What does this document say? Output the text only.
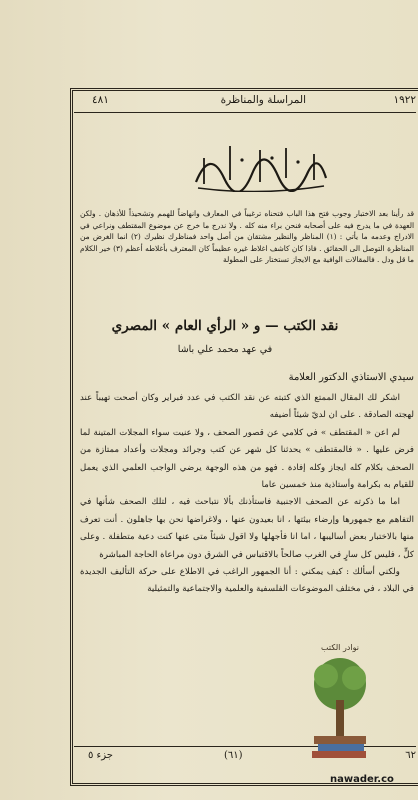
١٩٢٢
المراسلة والمناظرة
٤٨١
باب المراسلة والمناظرة

قد رأينا بعد الاختبار وجوب فتح هذا الباب فتحناه ترغيباً في المعارف وانهاضاً للهمم وتشحيذاً للأذهان . ولكن العهدة في ما يدرج فيه على أصحابه فنحن براء منه كله . ولا ندرج ما خرج عن موضوع المقتطف ونراعي في الادراج وعدمه ما يأتي : (١) المناظر والنظير مشتقان من أصل واحد فمناظرك نظيرك (٢) انما الغرض من المناظرة التوصل الى الحقائق . فاذا كان كاشف اغلاط غيره عظيماً كان المعترف بأغلاطه أعظم (٣) خير الكلام ما قل ودل . فالمقالات الوافية مع الايجاز تستختار على المطولة

نقد الكتب — و « الرأي العام » المصري

في عهد محمد علي باشا

سيدي الاستاذي الدكتور العلامة

اشكر لك المقال الممتع الذي كتبته عن نقد الكتب في عدد فبراير وكان أصحت تهيباً عند لهجته الصادقة . على ان لديّ شيئاً أضيفه

لم اعن « المقتطف » في كلامي عن قصور الصحف ، ولا عنيت سواء المجلات المتينة لما فرض عليها . « فالمقتطف » يحدثنا كل شهر عن كتب وجرائد ومجلات وأعداد ممتازة من الصحف بكلام كله ايجاز وكله إفادة . فهو من هذه الوجهة يرضي الواجب العلمي الذي يعمل للقيام به بكرامة وأستاذية منذ خمسين عاما

اما ما ذكرته عن الصحف الاجنبية فاستأذنك بألا نتباحث فيه ، لتلك الصحف شأنها في التفاهم مع جمهورها وإرضاء بيئتها ، انا بعيدون عنها ، ولاغراضها نحن بها جاهلون . أنت تعرف منها بالاختبار بعض أساليبها ، اما انا فأجهلها ولا اقول شيئاً متى عنها كنت دعية متطفلة . وعلى كلٍّ ، فليس كل سارٍ في الغرب صالحاً بالاقتباس في الشرق دون مراعاة الحاجة المباشرة

ولكني أسألك : كيف يمكني : أنا الجمهور الراغب في الاطلاع على حركة التأليف الجديدة في البلاد ، في مختلف الموضوعات الفلسفية والعلمية والاجتماعية والتمثيلية

٦٢
(٦١)
جزء ٥
نوادر الكتب
nawader.co
